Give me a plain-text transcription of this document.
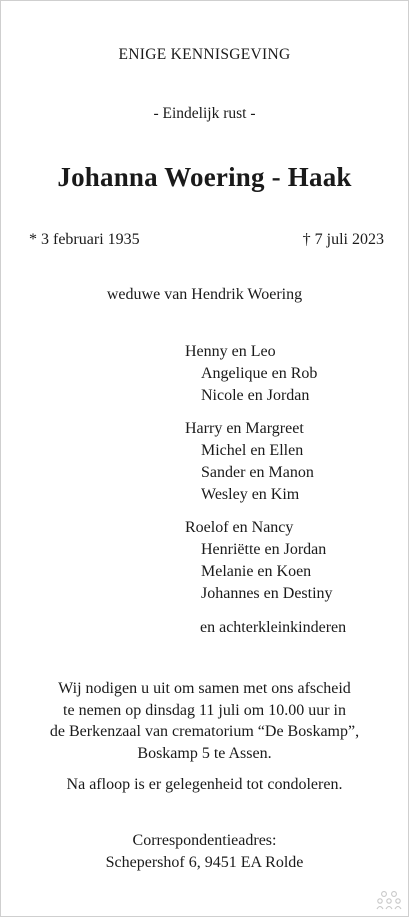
ENIGE KENNISGEVING
- Eindelijk rust -
Johanna Woering - Haak
* 3 februari 1935	† 7 juli 2023
weduwe van Hendrik Woering
Henny en Leo
Angelique en Rob
Nicole en Jordan
Harry en Margreet
Michel en Ellen
Sander en Manon
Wesley en Kim
Roelof en Nancy
Henriëtte en Jordan
Melanie en Koen
Johannes en Destiny
en achterkleinkinderen
Wij nodigen u uit om samen met ons afscheid
te nemen op dinsdag 11 juli om 10.00 uur in
de Berkenzaal van crematorium “De Boskamp”,
Boskamp 5 te Assen.
Na afloop is er gelegenheid tot condoleren.
Correspondentieadres:
Schepershof 6, 9451 EA Rolde
